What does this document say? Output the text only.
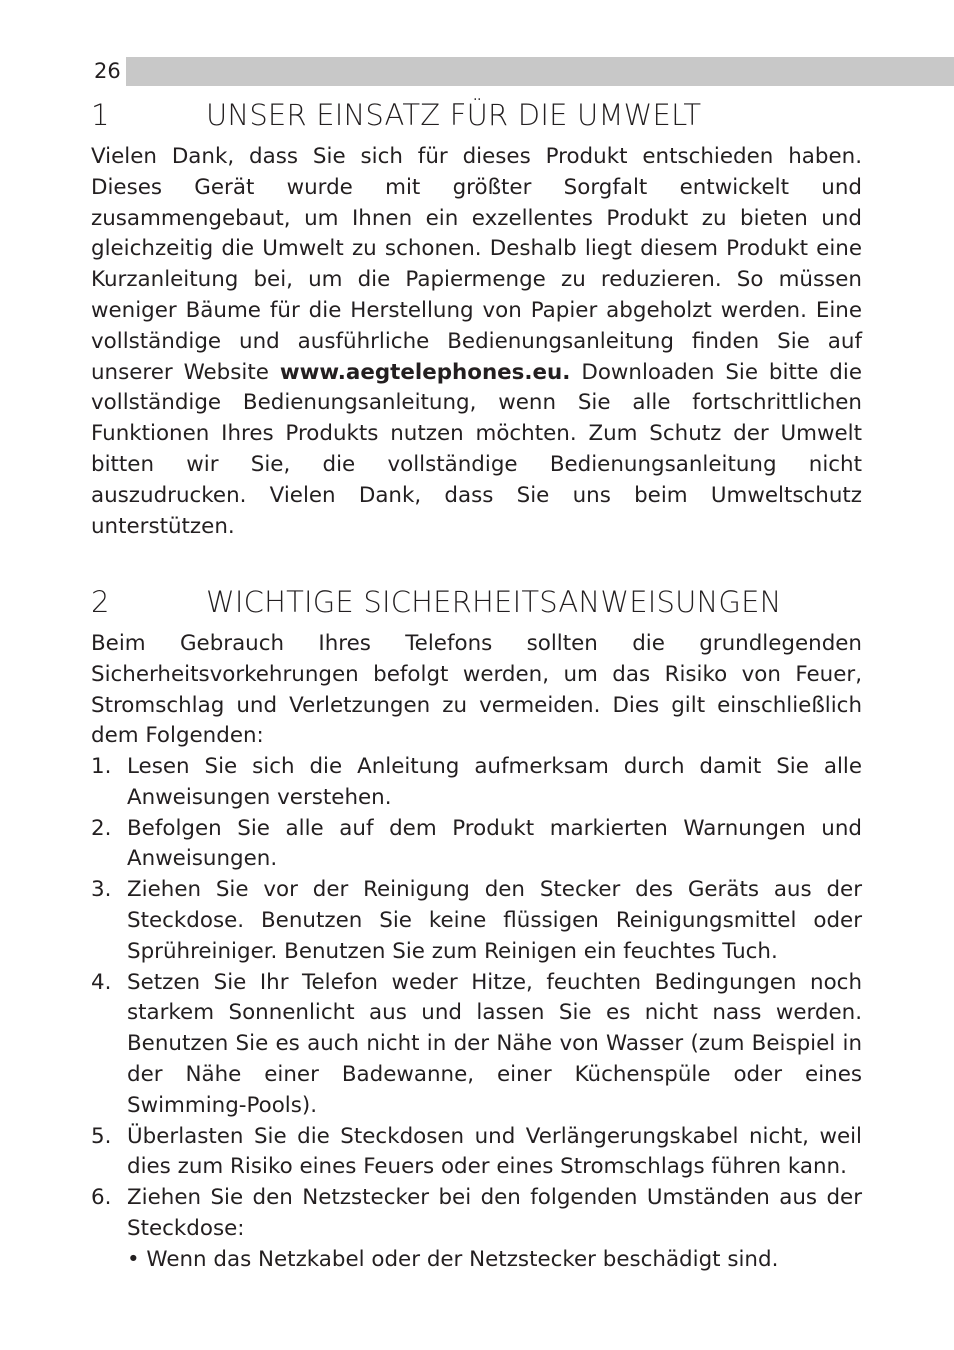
26
1	UNSER EINSATZ FÜR DIE UMWELT

Vielen Dank, dass Sie sich für dieses Produkt entschieden haben. Dieses Gerät wurde mit größter Sorgfalt entwickelt und zusammengebaut, um Ihnen ein exzellentes Produkt zu bieten und gleichzeitig die Umwelt zu schonen. Deshalb liegt diesem Produkt eine Kurzanleitung bei, um die Papiermenge zu reduzieren. So müssen weniger Bäume für die Herstellung von Papier abgeholzt werden. Eine vollständige und ausführliche Bedienungsanleitung finden Sie auf unserer Website www.aegtelephones.eu. Downloaden Sie bitte die vollständige Bedienungsanleitung, wenn Sie alle fortschrittlichen Funktionen Ihres Produkts nutzen möchten. Zum Schutz der Umwelt bitten wir Sie, die vollständige Bedienungsanleitung nicht auszudrucken. Vielen Dank, dass Sie uns beim Umweltschutz unterstützen.

2	WICHTIGE SICHERHEITSANWEISUNGEN

Beim Gebrauch Ihres Telefons sollten die grundlegenden Sicherheitsvorkehrungen befolgt werden, um das Risiko von Feuer, Stromschlag und Verletzungen zu vermeiden. Dies gilt einschließlich dem Folgenden:

1. Lesen Sie sich die Anleitung aufmerksam durch damit Sie alle Anweisungen verstehen.
2. Befolgen Sie alle auf dem Produkt markierten Warnungen und Anweisungen.
3. Ziehen Sie vor der Reinigung den Stecker des Geräts aus der Steckdose. Benutzen Sie keine flüssigen Reinigungsmittel oder Sprühreiniger. Benutzen Sie zum Reinigen ein feuchtes Tuch.
4. Setzen Sie Ihr Telefon weder Hitze, feuchten Bedingungen noch starkem Sonnenlicht aus und lassen Sie es nicht nass werden. Benutzen Sie es auch nicht in der Nähe von Wasser (zum Beispiel in der Nähe einer Badewanne, einer Küchenspüle oder eines Swimming-Pools).
5. Überlasten Sie die Steckdosen und Verlängerungskabel nicht, weil dies zum Risiko eines Feuers oder eines Stromschlags führen kann.
6. Ziehen Sie den Netzstecker bei den folgenden Umständen aus der Steckdose:
• Wenn das Netzkabel oder der Netzstecker beschädigt sind.
